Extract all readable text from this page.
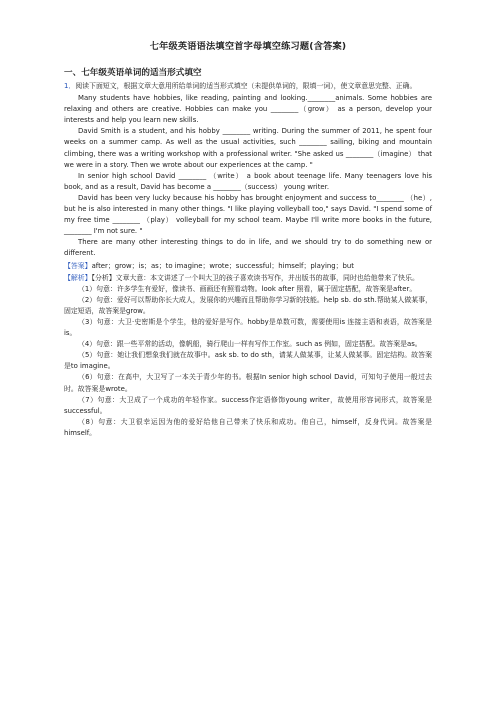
七年级英语语法填空首字母填空练习题(含答案)
一、七年级英语单词的适当形式填空

1．阅读下面短文，根据文章大意用所给单词的适当形式填空（未提供单词的，限填一词），使文章意思完整、正确。

Many students have hobbies, like reading, painting and looking.________animals. Some hobbies are relaxing and others are creative. Hobbies can make you ________（grow） as a person, develop your interests and help you learn new skills.

David Smith is a student, and his hobby ________ writing. During the summer of 2011, he spent four weeks on a summer camp. As well as the usual activities, such ________ sailing, biking and mountain climbing, there was a writing workshop with a professional writer. "She asked us ________（imagine） that we were in a story. Then we wrote about our experiences at the camp. "

In senior high school David ________ （write） a book about teenage life. Many teenagers love his book, and as a result, David has become a ________（success） young writer.

David has been very lucky because his hobby has brought enjoyment and success to________ （he）, but he is also interested in many other things. "I like playing volleyball too," says David. "I spend some of my free time ________ （play） volleyball for my school team. Maybe I'll write more books in the future, ________ I'm not sure. "

There are many other interesting things to do in life, and we should try to do something new or different.

【答案】after；grow；is；as；to imagine；wrote；successful；himself；playing；but

【解析】【分析】文章大意：本文讲述了一个叫大卫的孩子喜欢读书写作，并出版书的故事，同时也给他带来了快乐。

（1）句意：许多学生有爱好，像读书、画画还有照看动物。look after 照看，属于固定搭配，故答案是after。

（2）句意：爱好可以帮助你长大成人，发展你的兴趣而且帮助你学习新的技能。help sb. do sth.帮助某人做某事，固定短语，故答案是grow。

（3）句意：大卫·史密斯是个学生，他的爱好是写作。hobby是单数可数，需要使用is 连接主语和表语，故答案是is。

（4）句意：跟一些平常的活动，像帆船，骑行爬山一样有写作工作室。such as 例如，固定搭配。故答案是as。

（5）句意：她让我们想象我们就在故事中。ask sb. to do sth，请某人做某事，让某人做某事。固定结构。故答案是to imagine。

（6）句意：在高中，大卫写了一本关于青少年的书。根据In senior high school David，可知句子使用一般过去时。故答案是wrote。

（7）句意：大卫成了一个成功的年轻作家。success作定语修饰young writer，故使用形容词形式，故答案是successful。

（8）句意：大卫很幸运因为他的爱好给他自己带来了快乐和成功。他自己，himself，反身代词。故答案是himself。
